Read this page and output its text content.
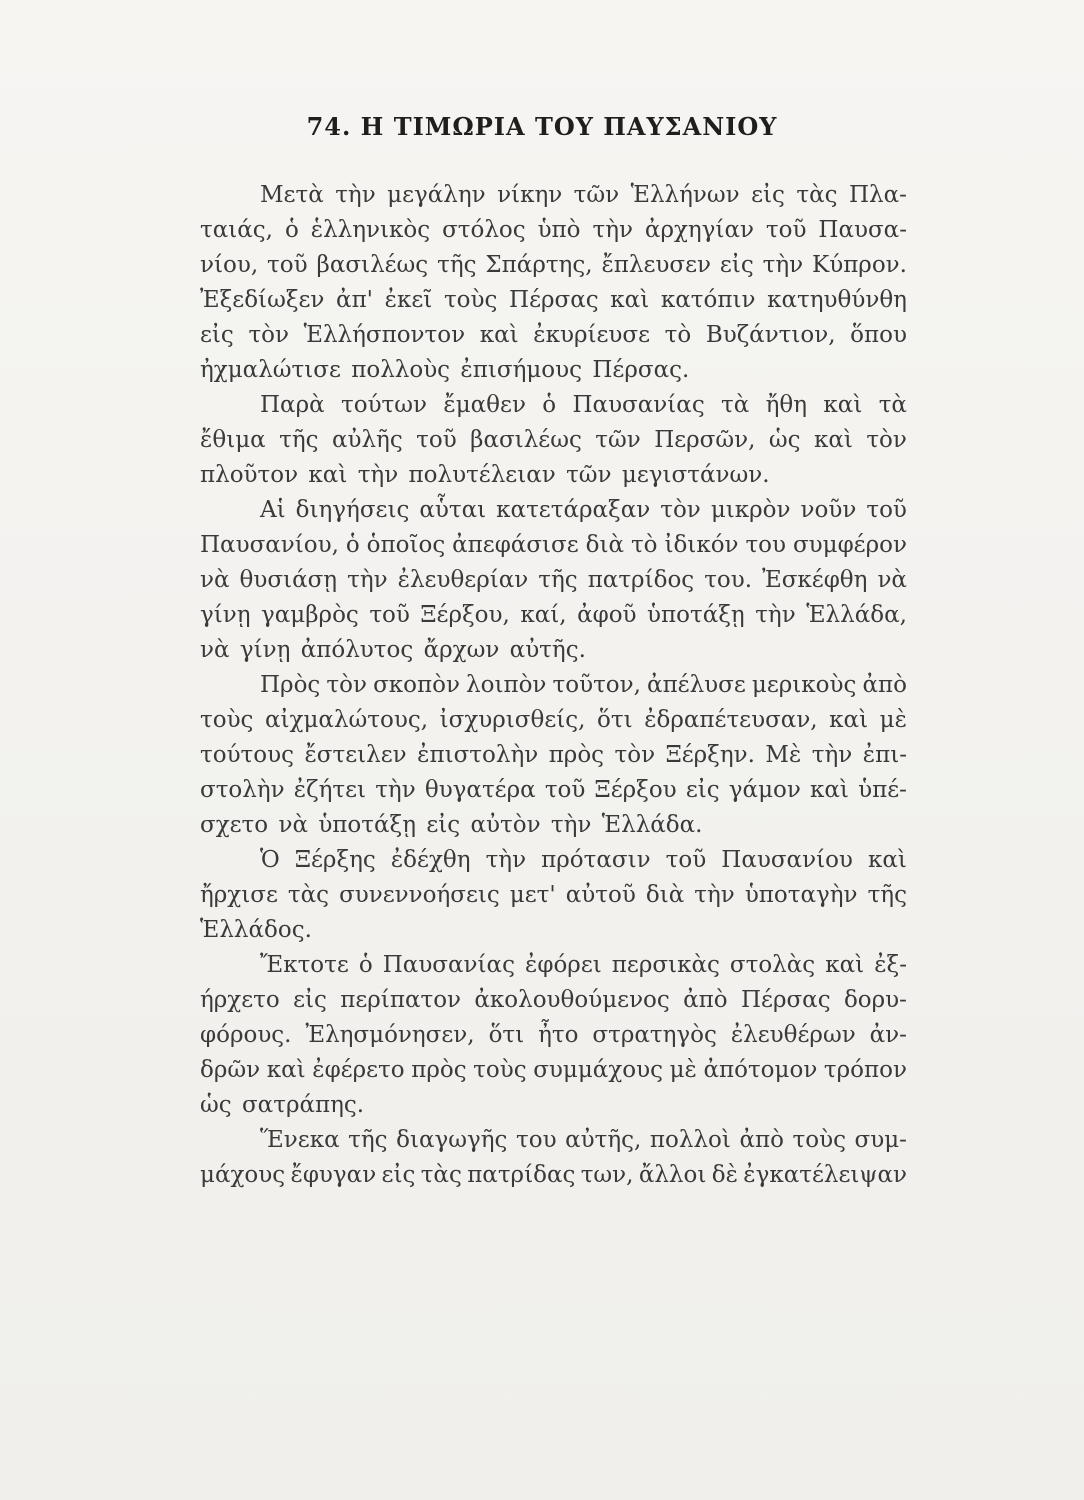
74. Η ΤΙΜΩΡΙΑ ΤΟΥ ΠΑΥΣΑΝΙΟΥ
Μετὰ τὴν μεγάλην νίκην τῶν Ἑλλήνων εἰς τὰς Πλα-
ταιάς, ὁ ἑλληνικὸς στόλος ὑπὸ τὴν ἀρχηγίαν τοῦ Παυσα-
νίου, τοῦ βασιλέως τῆς Σπάρτης, ἔπλευσεν εἰς τὴν Κύπρον.
Ἐξεδίωξεν ἀπ' ἐκεῖ τοὺς Πέρσας καὶ κατόπιν κατηυθύνθη
εἰς τὸν Ἑλλήσποντον καὶ ἐκυρίευσε τὸ Βυζάντιον, ὅπου
ἠχμαλώτισε πολλοὺς ἐπισήμους Πέρσας.
Παρὰ τούτων ἔμαθεν ὁ Παυσανίας τὰ ἤθη καὶ τὰ
ἔθιμα τῆς αὐλῆς τοῦ βασιλέως τῶν Περσῶν, ὡς καὶ τὸν
πλοῦτον καὶ τὴν πολυτέλειαν τῶν μεγιστάνων.
Αἱ διηγήσεις αὗται κατετάραξαν τὸν μικρὸν νοῦν τοῦ
Παυσανίου, ὁ ὁποῖος ἀπεφάσισε διὰ τὸ ἰδικόν του συμφέρον
νὰ θυσιάσῃ τὴν ἐλευθερίαν τῆς πατρίδος του. Ἐσκέφθη νὰ
γίνῃ γαμβρὸς τοῦ Ξέρξου, καί, ἀφοῦ ὑποτάξῃ τὴν Ἑλλάδα,
νὰ γίνῃ ἀπόλυτος ἄρχων αὐτῆς.
Πρὸς τὸν σκοπὸν λοιπὸν τοῦτον, ἀπέλυσε μερικοὺς ἀπὸ
τοὺς αἰχμαλώτους, ἰσχυρισθείς, ὅτι ἐδραπέτευσαν, καὶ μὲ
τούτους ἔστειλεν ἐπιστολὴν πρὸς τὸν Ξέρξην. Μὲ τὴν ἐπι-
στολὴν ἐζήτει τὴν θυγατέρα τοῦ Ξέρξου εἰς γάμον καὶ ὑπέ-
σχετο νὰ ὑποτάξῃ εἰς αὐτὸν τὴν Ἑλλάδα.
Ὁ Ξέρξης ἐδέχθη τὴν πρότασιν τοῦ Παυσανίου καὶ
ἤρχισε τὰς συνεννοήσεις μετ' αὐτοῦ διὰ τὴν ὑποταγὴν τῆς
Ἑλλάδος.
Ἔκτοτε ὁ Παυσανίας ἐφόρει περσικὰς στολὰς καὶ ἐξ-
ήρχετο εἰς περίπατον ἀκολουθούμενος ἀπὸ Πέρσας δορυ-
φόρους. Ἐλησμόνησεν, ὅτι ἦτο στρατηγὸς ἐλευθέρων ἀν-
δρῶν καὶ ἐφέρετο πρὸς τοὺς συμμάχους μὲ ἀπότομον τρόπον
ὡς σατράπης.
Ἕνεκα τῆς διαγωγῆς του αὐτῆς, πολλοὶ ἀπὸ τοὺς συμ-
μάχους ἔφυγαν εἰς τὰς πατρίδας των, ἄλλοι δὲ ἐγκατέλειψαν
